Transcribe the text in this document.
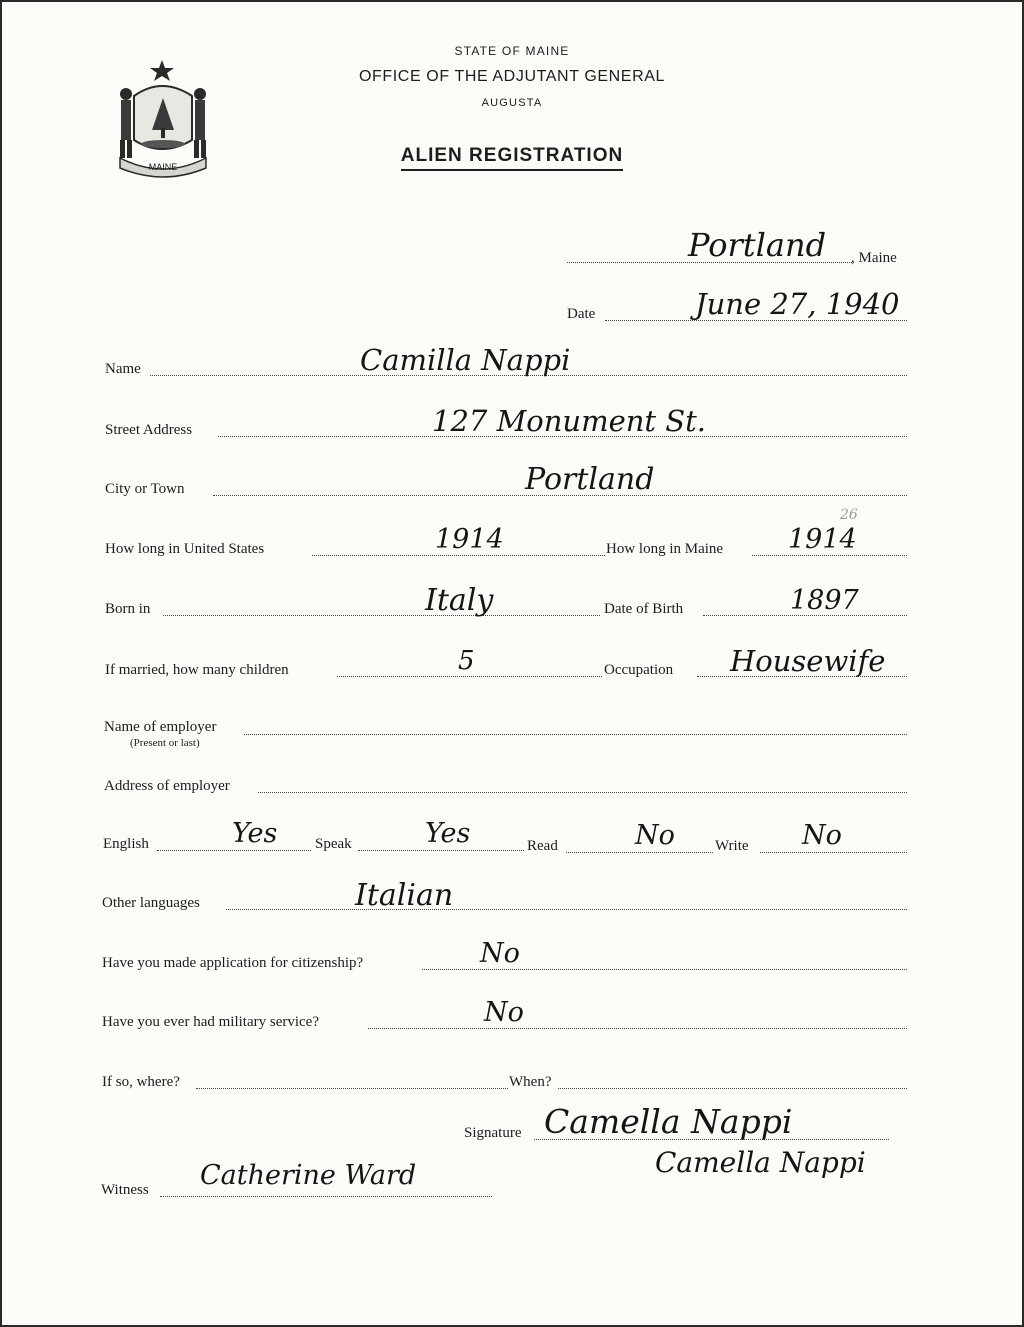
MAINE
STATE OF MAINE
OFFICE OF THE ADJUTANT GENERAL
AUGUSTA
ALIEN REGISTRATION
Portland , Maine
Date	June 27, 1940
Name	Camilla Nappi
Street Address	127 Monument St.
City or Town	Portland
How long in United States	1914	How long in Maine 1914
26
Born in	Italy	Date of Birth	1897
If married, how many children	5	Occupation Housewife
Name of employer
(Present or last)
Address of employer
English	Yes	Speak	Yes	Read	No	Write No
Other languages	Italian
Have you made application for citizenship?	No
Have you ever had military service?	No
If so, where?	When?
Signature Camella Nappi
Camella Nappi
Witness Catherine Ward
